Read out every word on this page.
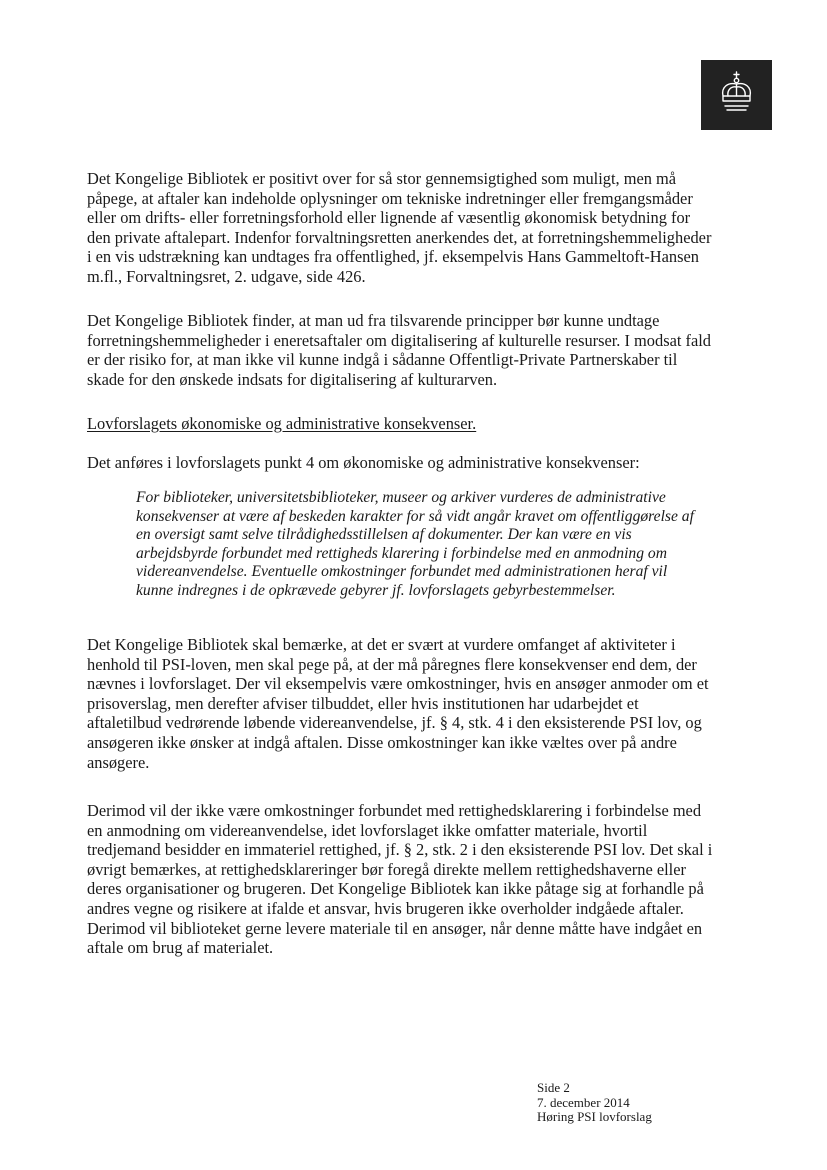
Det Kongelige Bibliotek er positivt over for så stor gennemsigtighed som muligt, men må påpege, at aftaler kan indeholde oplysninger om tekniske indretninger eller fremgangsmåder eller om drifts- eller forretningsforhold eller lignende af væsentlig økonomisk betydning for den private aftalepart. Indenfor forvaltningsretten anerkendes det, at forretningshemmeligheder i en vis udstrækning kan undtages fra offentlighed, jf. eksempelvis Hans Gammeltoft-Hansen m.fl., Forvaltningsret, 2. udgave, side 426.

Det Kongelige Bibliotek finder, at man ud fra tilsvarende principper bør kunne undtage forretningshemmeligheder i eneretsaftaler om digitalisering af kulturelle resurser. I modsat fald er der risiko for, at man ikke vil kunne indgå i sådanne Offentligt-Private Partnerskaber til skade for den ønskede indsats for digitalisering af kulturarven.

Lovforslagets økonomiske og administrative konsekvenser.

Det anføres i lovforslagets punkt 4 om økonomiske og administrative konsekvenser:

For biblioteker, universitetsbiblioteker, museer og arkiver vurderes de administrative konsekvenser at være af beskeden karakter for så vidt angår kravet om offentliggørelse af en oversigt samt selve tilrådighedsstillelsen af dokumenter. Der kan være en vis arbejdsbyrde forbundet med rettigheds klarering i forbindelse med en anmodning om videreanvendelse. Eventuelle omkostninger forbundet med administrationen heraf vil kunne indregnes i de opkrævede gebyrer jf. lovforslagets gebyrbestemmelser.

Det Kongelige Bibliotek skal bemærke, at det er svært at vurdere omfanget af aktiviteter i henhold til PSI-loven, men skal pege på, at der må påregnes flere konsekvenser end dem, der nævnes i lovforslaget. Der vil eksempelvis være omkostninger, hvis en ansøger anmoder om et prisoverslag, men derefter afviser tilbuddet, eller hvis institutionen har udarbejdet et aftaletilbud vedrørende løbende videreanvendelse, jf. § 4, stk. 4 i den eksisterende PSI lov, og ansøgeren ikke ønsker at indgå aftalen. Disse omkostninger kan ikke væltes over på andre ansøgere.

Derimod vil der ikke være omkostninger forbundet med rettighedsklarering i forbindelse med en anmodning om videreanvendelse, idet lovforslaget ikke omfatter materiale, hvortil tredjemand besidder en immateriel rettighed, jf. § 2, stk. 2 i den eksisterende PSI lov. Det skal i øvrigt bemærkes, at rettighedsklareringer bør foregå direkte mellem rettighedshaverne eller deres organisationer og brugeren. Det Kongelige Bibliotek kan ikke påtage sig at forhandle på andres vegne og risikere at ifalde et ansvar, hvis brugeren ikke overholder indgåede aftaler. Derimod vil biblioteket gerne levere materiale til en ansøger, når denne måtte have indgået en aftale om brug af materialet.

Side 2
7. december 2014
Høring PSI lovforslag
